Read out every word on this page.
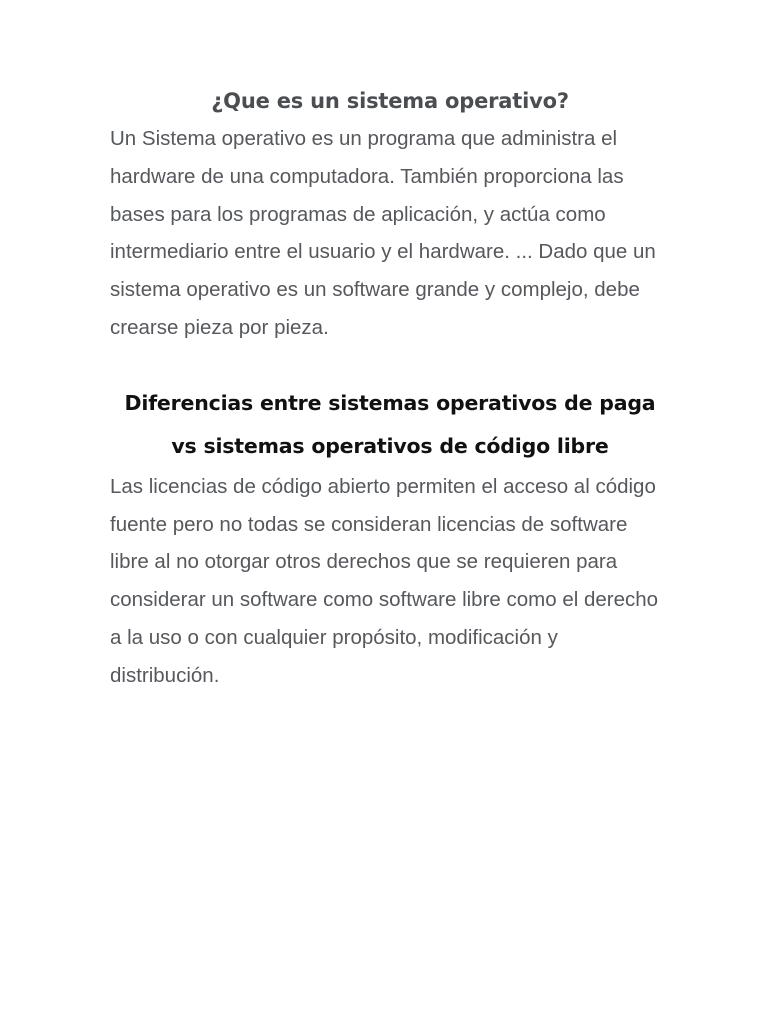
¿Que es un sistema operativo?

Un Sistema operativo es un programa que administra el hardware de una computadora. También proporciona las bases para los programas de aplicación, y actúa como intermediario entre el usuario y el hardware. ... Dado que un sistema operativo es un software grande y complejo, debe crearse pieza por pieza.

Diferencias entre sistemas operativos de paga vs sistemas operativos de código libre

Las licencias de código abierto permiten el acceso al código fuente pero no todas se consideran licencias de software libre al no otorgar otros derechos que se requieren para considerar un software como software libre como el derecho a la uso o con cualquier propósito, modificación y distribución.
